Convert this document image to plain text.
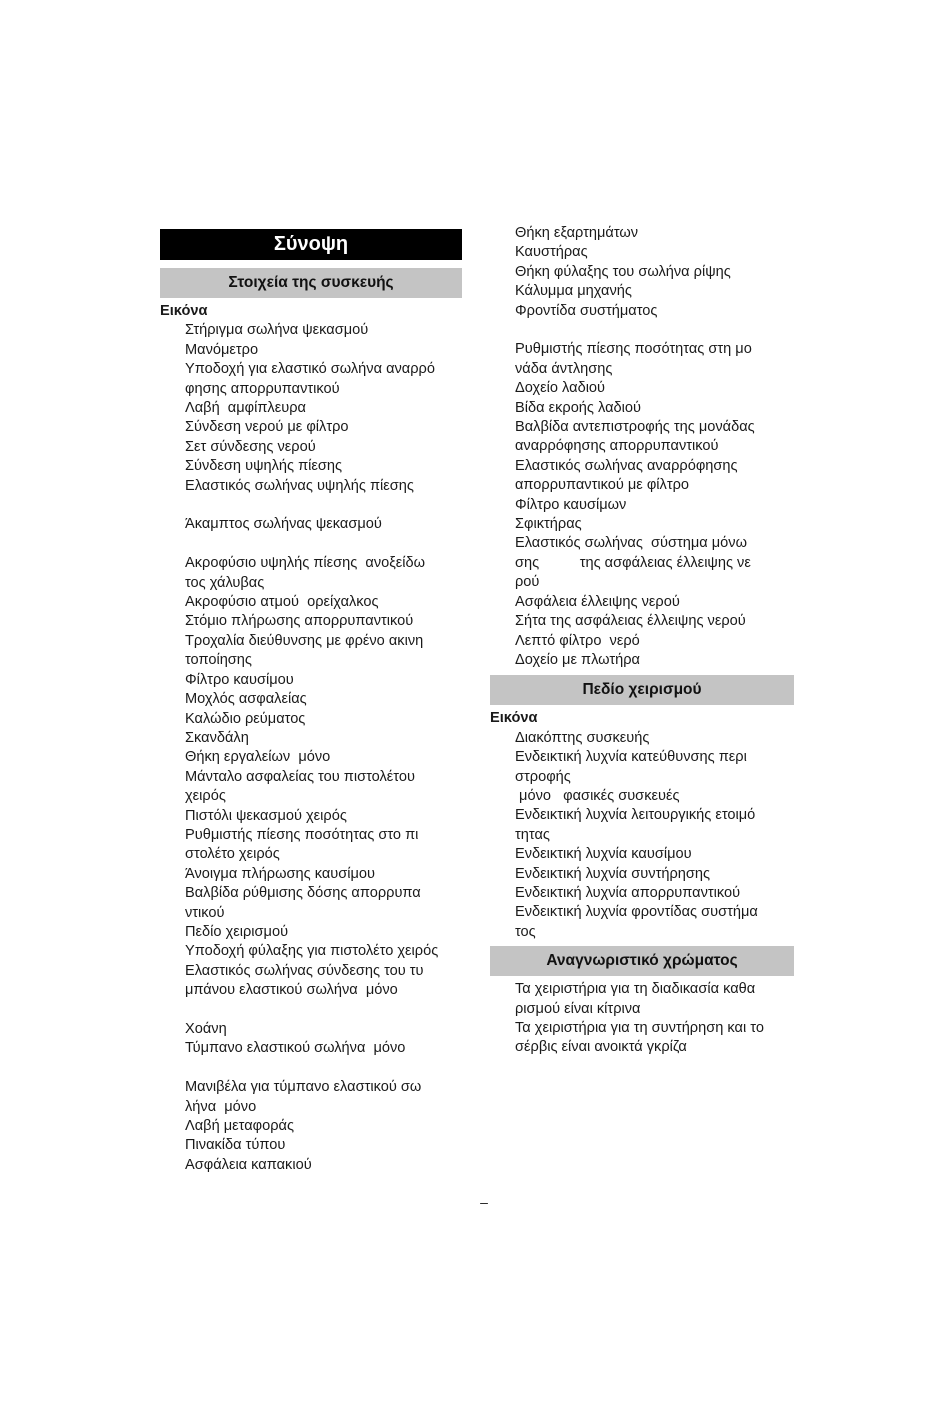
Σύνοψη
Στοιχεία της συσκευής
Εικόνα
Στήριγμα σωλήνα ψεκασμού
Μανόμετρο
Υποδοχή για ελαστικό σωλήνα αναρρό
φησης απορρυπαντικού
Λαβή  αμφίπλευρα
Σύνδεση νερού με φίλτρο
Σετ σύνδεσης νερού
Σύνδεση υψηλής πίεσης
Ελαστικός σωλήνας υψηλής πίεσης
Άκαμπτος σωλήνας ψεκασμού
Ακροφύσιο υψηλής πίεσης  ανοξείδω
τος χάλυβας
Ακροφύσιο ατμού  ορείχαλκος
Στόμιο πλήρωσης απορρυπαντικού
Τροχαλία διεύθυνσης με φρένο ακινη
τοποίησης
Φίλτρο καυσίμου
Μοχλός ασφαλείας
Καλώδιο ρεύματος
Σκανδάλη
Θήκη εργαλείων  μόνο
Μάνταλο ασφαλείας του πιστολέτου
χειρός
Πιστόλι ψεκασμού χειρός
Ρυθμιστής πίεσης ποσότητας στο πι
στολέτο χειρός
Άνοιγμα πλήρωσης καυσίμου
Βαλβίδα ρύθμισης δόσης απορρυπα
ντικού
Πεδίο χειρισμού
Υποδοχή φύλαξης για πιστολέτο χειρός
Ελαστικός σωλήνας σύνδεσης του τυ
μπάνου ελαστικού σωλήνα  μόνο
Χοάνη
Τύμπανο ελαστικού σωλήνα  μόνο
Μανιβέλα για τύμπανο ελαστικού σω
λήνα  μόνο
Λαβή μεταφοράς
Πινακίδα τύπου
Ασφάλεια καπακιού
Θήκη εξαρτημάτων
Καυστήρας
Θήκη φύλαξης του σωλήνα ρίψης
Κάλυμμα μηχανής
Φροντίδα συστήματος
Ρυθμιστής πίεσης ποσότητας στη μο
νάδα άντλησης
Δοχείο λαδιού
Βίδα εκροής λαδιού
Βαλβίδα αντεπιστροφής της μονάδας
αναρρόφησης απορρυπαντικού
Ελαστικός σωλήνας αναρρόφησης
απορρυπαντικού με φίλτρο
Φίλτρο καυσίμων
Σφικτήρας
Ελαστικός σωλήνας  σύστημα μόνω
σης          της ασφάλειας έλλειψης νε
ρού
Ασφάλεια έλλειψης νερού
Σήτα της ασφάλειας έλλειψης νερού
Λεπτό φίλτρο  νερό
Δοχείο με πλωτήρα
Πεδίο χειρισμού
Εικόνα
Διακόπτης συσκευής
Ενδεικτική λυχνία κατεύθυνσης περι
στροφής
μόνο   φασικές συσκευές
Ενδεικτική λυχνία λειτουργικής ετοιμό
τητας
Ενδεικτική λυχνία καυσίμου
Ενδεικτική λυχνία συντήρησης
Ενδεικτική λυχνία απορρυπαντικού
Ενδεικτική λυχνία φροντίδας συστήμα
τος
Αναγνωριστικό χρώματος
Τα χειριστήρια για τη διαδικασία καθα
ρισμού είναι κίτρινα
Τα χειριστήρια για τη συντήρηση και το
σέρβις είναι ανοικτά γκρίζα
–
